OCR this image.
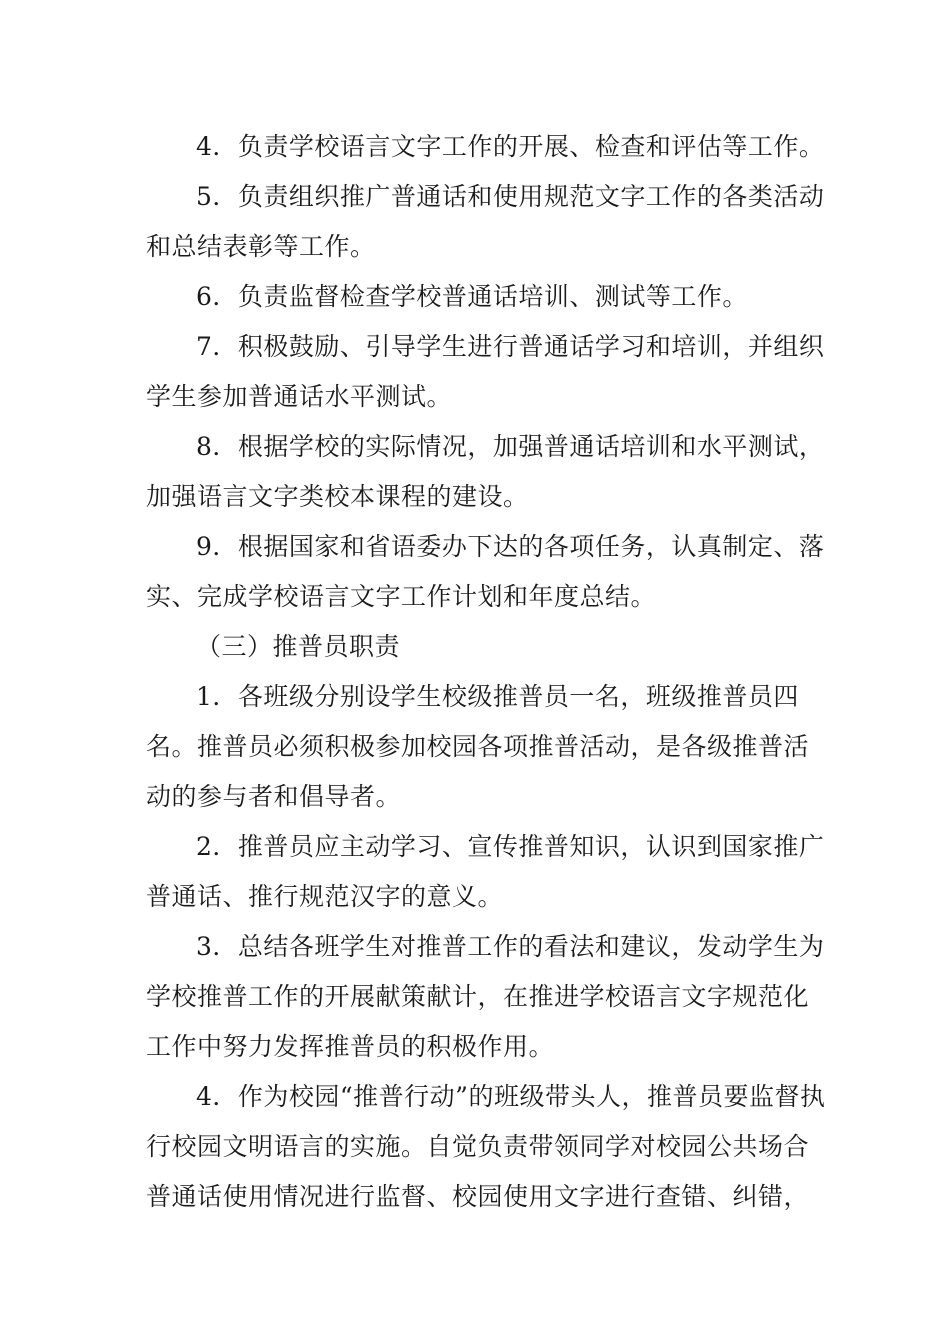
4．负责学校语言文字工作的开展、检查和评估等工作。

5．负责组织推广普通话和使用规范文字工作的各类活动和总结表彰等工作。

6．负责监督检查学校普通话培训、测试等工作。

7．积极鼓励、引导学生进行普通话学习和培训，并组织学生参加普通话水平测试。

8．根据学校的实际情况，加强普通话培训和水平测试，加强语言文字类校本课程的建设。

9．根据国家和省语委办下达的各项任务，认真制定、落实、完成学校语言文字工作计划和年度总结。

（三）推普员职责

1．各班级分别设学生校级推普员一名，班级推普员四名。推普员必须积极参加校园各项推普活动，是各级推普活动的参与者和倡导者。

2．推普员应主动学习、宣传推普知识，认识到国家推广普通话、推行规范汉字的意义。

3．总结各班学生对推普工作的看法和建议，发动学生为学校推普工作的开展献策献计，在推进学校语言文字规范化工作中努力发挥推普员的积极作用。

4．作为校园“推普行动”的班级带头人，推普员要监督执行校园文明语言的实施。自觉负责带领同学对校园公共场合普通话使用情况进行监督、校园使用文字进行查错、纠错，
